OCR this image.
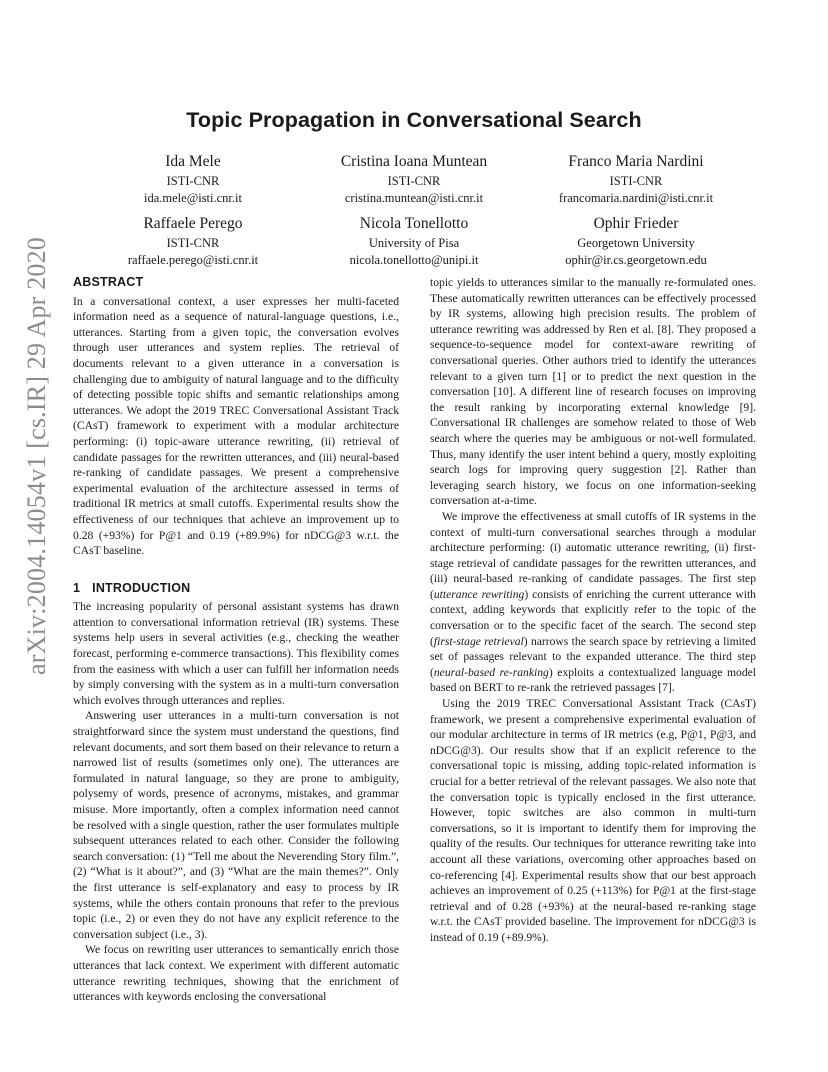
arXiv:2004.14054v1 [cs.IR] 29 Apr 2020
Topic Propagation in Conversational Search
Ida Mele
ISTI-CNR
ida.mele@isti.cnr.it
Cristina Ioana Muntean
ISTI-CNR
cristina.muntean@isti.cnr.it
Franco Maria Nardini
ISTI-CNR
francomaria.nardini@isti.cnr.it
Raffaele Perego
ISTI-CNR
raffaele.perego@isti.cnr.it
Nicola Tonellotto
University of Pisa
nicola.tonellotto@unipi.it
Ophir Frieder
Georgetown University
ophir@ir.cs.georgetown.edu
ABSTRACT

In a conversational context, a user expresses her multi-faceted information need as a sequence of natural-language questions, i.e., utterances. Starting from a given topic, the conversation evolves through user utterances and system replies. The retrieval of documents relevant to a given utterance in a conversation is challenging due to ambiguity of natural language and to the difficulty of detecting possible topic shifts and semantic relationships among utterances. We adopt the 2019 TREC Conversational Assistant Track (CAsT) framework to experiment with a modular architecture performing: (i) topic-aware utterance rewriting, (ii) retrieval of candidate passages for the rewritten utterances, and (iii) neural-based re-ranking of candidate passages. We present a comprehensive experimental evaluation of the architecture assessed in terms of traditional IR metrics at small cutoffs. Experimental results show the effectiveness of our techniques that achieve an improvement up to 0.28 (+93%) for P@1 and 0.19 (+89.9%) for nDCG@3 w.r.t. the CAsT baseline.

1 INTRODUCTION

The increasing popularity of personal assistant systems has drawn attention to conversational information retrieval (IR) systems. These systems help users in several activities (e.g., checking the weather forecast, performing e-commerce transactions). This flexibility comes from the easiness with which a user can fulfill her information needs by simply conversing with the system as in a multi-turn conversation which evolves through utterances and replies.

Answering user utterances in a multi-turn conversation is not straightforward since the system must understand the questions, find relevant documents, and sort them based on their relevance to return a narrowed list of results (sometimes only one). The utterances are formulated in natural language, so they are prone to ambiguity, polysemy of words, presence of acronyms, mistakes, and grammar misuse. More importantly, often a complex information need cannot be resolved with a single question, rather the user formulates multiple subsequent utterances related to each other. Consider the following search conversation: (1) “Tell me about the Neverending Story film.”, (2) “What is it about?”, and (3) “What are the main themes?”. Only the first utterance is self-explanatory and easy to process by IR systems, while the others contain pronouns that refer to the previous topic (i.e., 2) or even they do not have any explicit reference to the conversation subject (i.e., 3).

We focus on rewriting user utterances to semantically enrich those utterances that lack context. We experiment with different automatic utterance rewriting techniques, showing that the enrichment of utterances with keywords enclosing the conversational

topic yields to utterances similar to the manually re-formulated ones. These automatically rewritten utterances can be effectively processed by IR systems, allowing high precision results. The problem of utterance rewriting was addressed by Ren et al. [8]. They proposed a sequence-to-sequence model for context-aware rewriting of conversational queries. Other authors tried to identify the utterances relevant to a given turn [1] or to predict the next question in the conversation [10]. A different line of research focuses on improving the result ranking by incorporating external knowledge [9]. Conversational IR challenges are somehow related to those of Web search where the queries may be ambiguous or not-well formulated. Thus, many identify the user intent behind a query, mostly exploiting search logs for improving query suggestion [2]. Rather than leveraging search history, we focus on one information-seeking conversation at-a-time.

We improve the effectiveness at small cutoffs of IR systems in the context of multi-turn conversational searches through a modular architecture performing: (i) automatic utterance rewriting, (ii) first-stage retrieval of candidate passages for the rewritten utterances, and (iii) neural-based re-ranking of candidate passages. The first step (utterance rewriting) consists of enriching the current utterance with context, adding keywords that explicitly refer to the topic of the conversation or to the specific facet of the search. The second step (first-stage retrieval) narrows the search space by retrieving a limited set of passages relevant to the expanded utterance. The third step (neural-based re-ranking) exploits a contextualized language model based on BERT to re-rank the retrieved passages [7].

Using the 2019 TREC Conversational Assistant Track (CAsT) framework, we present a comprehensive experimental evaluation of our modular architecture in terms of IR metrics (e.g, P@1, P@3, and nDCG@3). Our results show that if an explicit reference to the conversational topic is missing, adding topic-related information is crucial for a better retrieval of the relevant passages. We also note that the conversation topic is typically enclosed in the first utterance. However, topic switches are also common in multi-turn conversations, so it is important to identify them for improving the quality of the results. Our techniques for utterance rewriting take into account all these variations, overcoming other approaches based on co-referencing [4]. Experimental results show that our best approach achieves an improvement of 0.25 (+113%) for P@1 at the first-stage retrieval and of 0.28 (+93%) at the neural-based re-ranking stage w.r.t. the CAsT provided baseline. The improvement for nDCG@3 is instead of 0.19 (+89.9%).
